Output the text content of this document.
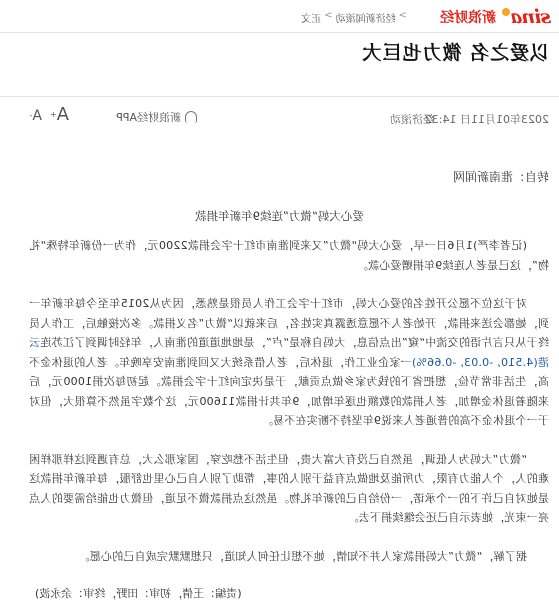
sina
新浪财经
>
经济新闻滚动
>
正文
以爱之名 微力也巨大
2023年01月11日 14:32
经济滚动
新浪财经APP
A+
A-
转自：淮南新闻网
爱心大妈“微力”连续9年新年捐款

(记者李严)1月6日一早，爱心大妈“微力”又来到淮南市红十字会捐款2200元，作为一份新年特殊“礼物”，这已是老人连续9年捐赠爱心款。

对于这位不愿公开姓名的爱心大妈，市红十字会工作人员很是熟悉，因为从2015年至今每年新年一到，她都会送来捐款，开始老人不愿意透露真实姓名，后来就以“微力”名义捐款。多次接触后，工作人员终于从只言片语的交流中“窥”出点信息，大妈自称是“卢”，是地地道道的淮南人，年轻时调到了江苏连云港(4.510, -0.03, -0.66%)一家企业工作，退休后，老人借系统大又回到淮南安享晚年。老人的退休金不高，生活非常节俭，想把省下的钱为家乡做点贡献，于是决定向红十字会捐款。起初每次捐1000元，后来随着退休金增加，老人捐款的数额也逐年增加，9年共计捐款11600元，这个数字虽然不算很大，但对于一个退休金不高的普通老人来说9年坚持不断实在不易。

“微力”大妈为人低调，虽然自己没有大富大贵，但生活不愁吃穿，国家那么大，总有遇到这样那样困难的人，个人能力有限，力所能及地做点有益于别人的事，帮助了别人自己心里也舒服，每年新年捐款这是她对自己许下的一个承诺，一份给自己的新年礼物。虽然这点捐款微不足道，但微力也能给需要的人点亮一束光，她表示自己还会继续捐下去。

据了解，“微力”大妈捐款家人并不知情，她不想让任何人知道，只想默默完成自己的心愿。

(责编：王倩，初审：田野，终审：余永波)
